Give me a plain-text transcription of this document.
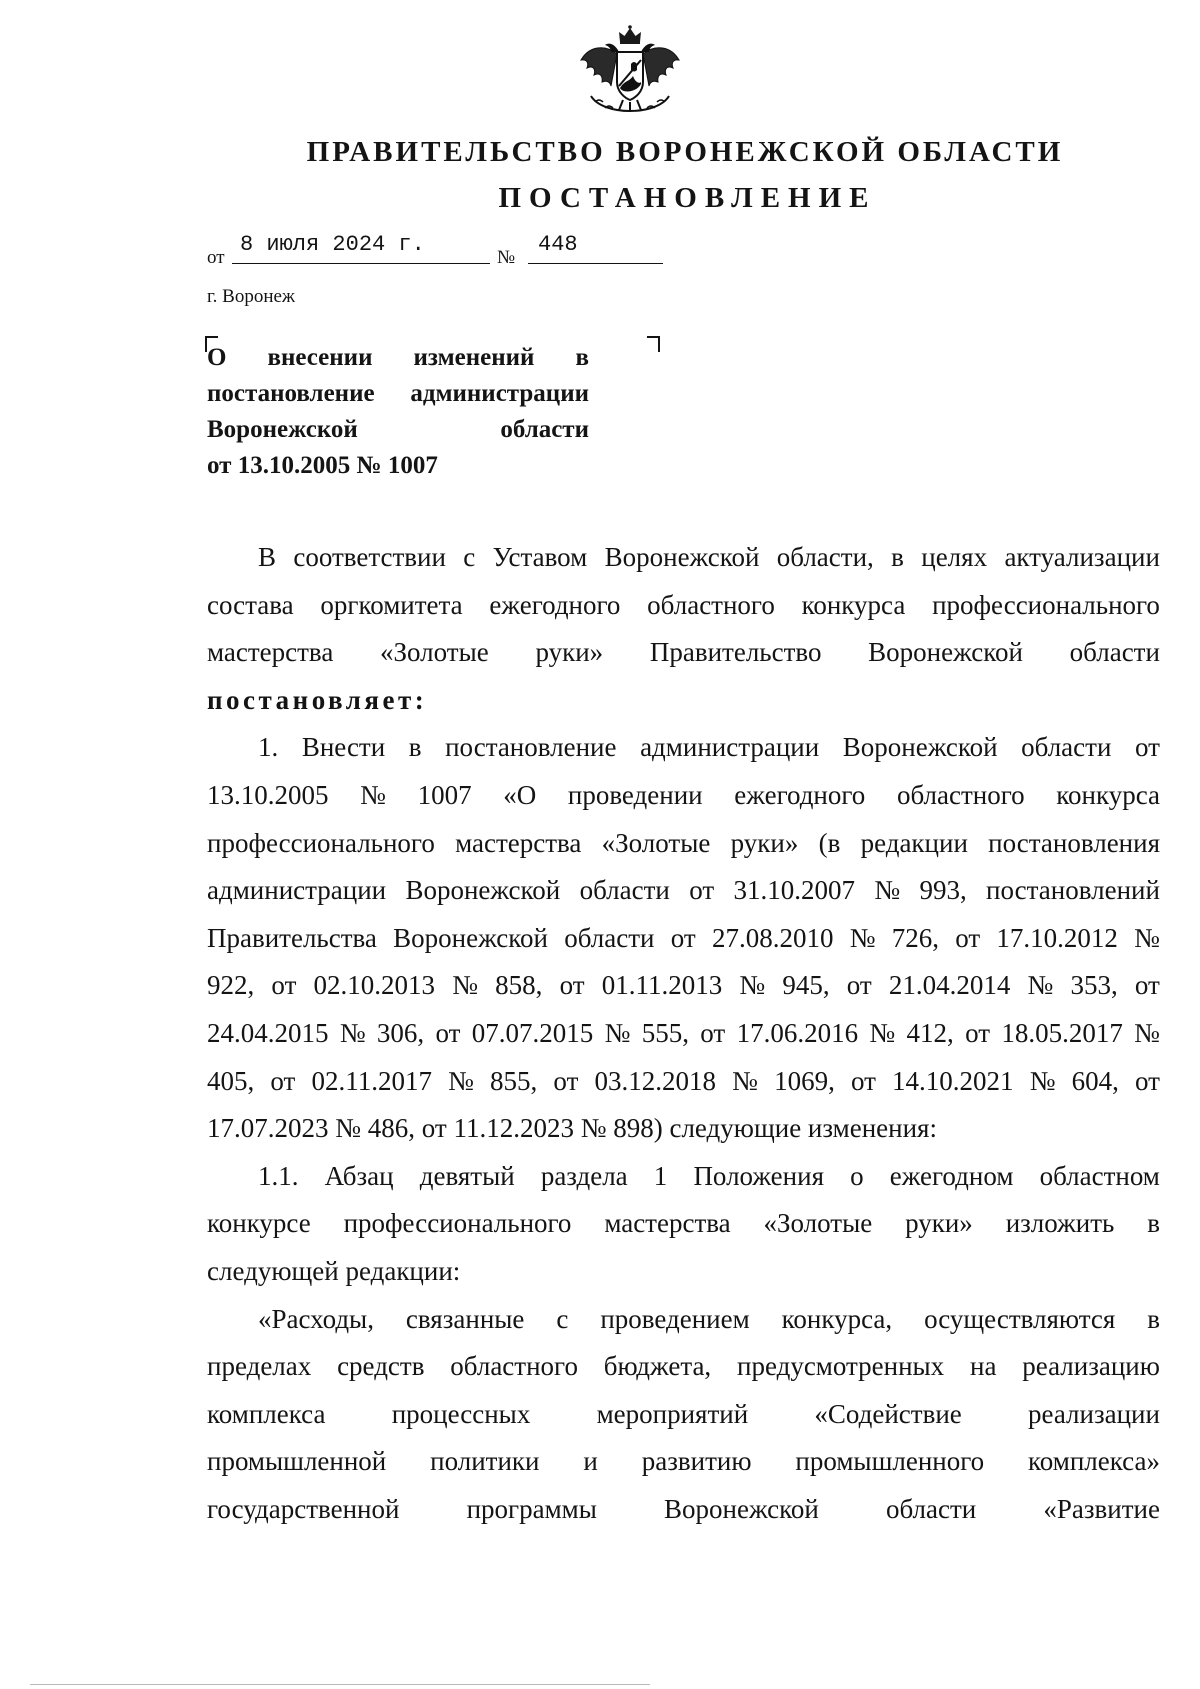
ПРАВИТЕЛЬСТВО ВОРОНЕЖСКОЙ ОБЛАСТИ
ПОСТАНОВЛЕНИЕ
от
8 июля 2024 г.
№
448
г. Воронеж
О внесении изменений в
постановление администрации
Воронежской	области
от 13.10.2005 № 1007
В соответствии с Уставом Воронежской области, в целях актуализации
состава оргкомитета ежегодного областного конкурса профессионального
мастерства «Золотые руки» Правительство Воронежской области
постановляет:
1. Внести в постановление администрации Воронежской области от
13.10.2005 № 1007 «О проведении ежегодного областного конкурса
профессионального мастерства «Золотые руки» (в редакции постановления
администрации Воронежской области от 31.10.2007 № 993, постановлений
Правительства Воронежской области от 27.08.2010 № 726, от 17.10.2012 №
922, от 02.10.2013 № 858, от 01.11.2013 № 945, от 21.04.2014 № 353, от
24.04.2015 № 306, от 07.07.2015 № 555, от 17.06.2016 № 412, от 18.05.2017 №
405, от 02.11.2017 № 855, от 03.12.2018 № 1069, от 14.10.2021 № 604, от
17.07.2023 № 486, от 11.12.2023 № 898) следующие изменения:
1.1. Абзац девятый раздела 1 Положения о ежегодном областном
конкурсе профессионального мастерства «Золотые руки» изложить в
следующей редакции:
«Расходы, связанные с проведением конкурса, осуществляются в
пределах средств областного бюджета, предусмотренных на реализацию
комплекса процессных мероприятий «Содействие реализации
промышленной политики и развитию промышленного комплекса»
государственной программы Воронежской области «Развитие
